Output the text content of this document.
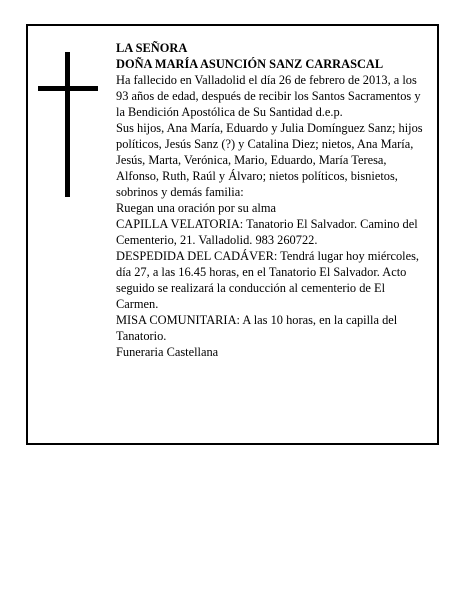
LA SEÑORA

DOÑA MARÍA ASUNCIÓN SANZ CARRASCAL

Ha fallecido en Valladolid el día 26 de febrero de 2013, a los 93 años de edad, después de recibir los Santos Sacramentos y la Bendición Apostólica de Su Santidad d.e.p.

Sus hijos, Ana María, Eduardo y Julia Domínguez Sanz; hijos políticos, Jesús Sanz (?) y Catalina Diez; nietos, Ana María, Jesús, Marta, Verónica, Mario, Eduardo, María Teresa, Alfonso, Ruth, Raúl y Álvaro; nietos políticos, bisnietos, sobrinos y demás familia:

Ruegan una oración por su alma

CAPILLA VELATORIA: Tanatorio El Salvador. Camino del Cementerio, 21. Valladolid. 983 260722.

DESPEDIDA DEL CADÁVER: Tendrá lugar hoy miércoles, día 27, a las 16.45 horas, en el Tanatorio El Salvador. Acto seguido se realizará la conducción al cementerio de El Carmen.

MISA COMUNITARIA: A las 10 horas, en la capilla del Tanatorio.

Funeraria Castellana
